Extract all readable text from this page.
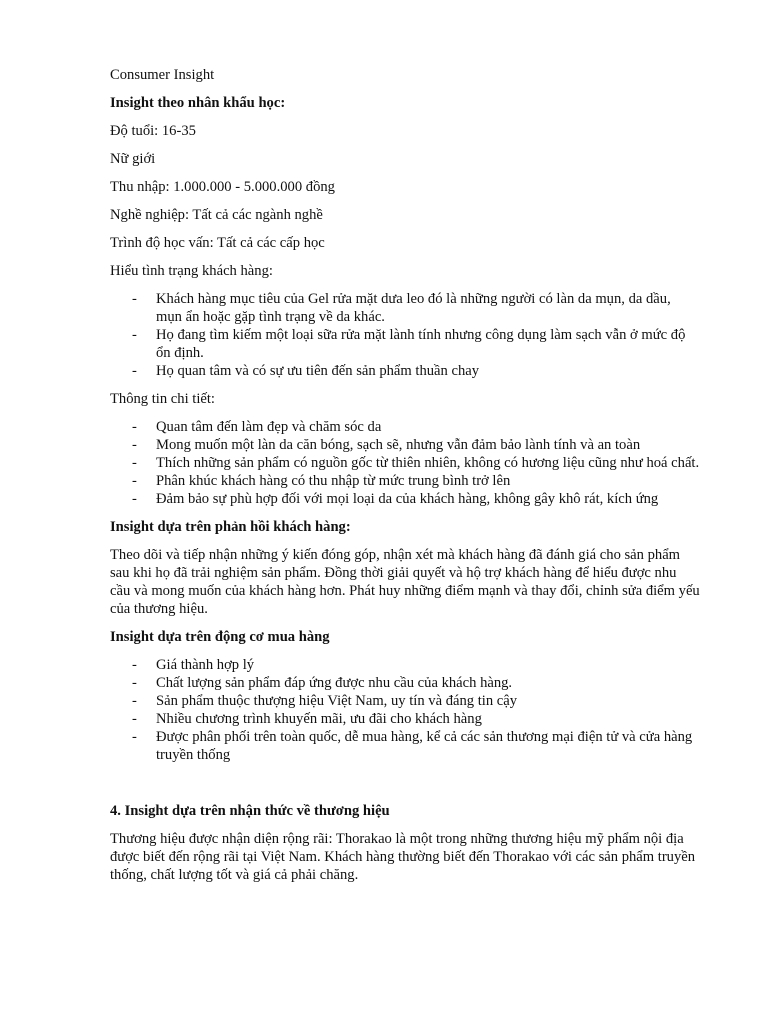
Consumer Insight

Insight theo nhân khẩu học:

Độ tuổi: 16-35

Nữ giới

Thu nhập: 1.000.000 - 5.000.000 đồng

Nghề nghiệp: Tất cả các ngành nghề

Trình độ học vấn: Tất cả các cấp học

Hiểu tình trạng khách hàng:

- Khách hàng mục tiêu của Gel rửa mặt dưa leo đó là những người có làn da mụn, da dầu, mụn ẩn hoặc gặp tình trạng về da khác.
- Họ đang tìm kiếm một loại sữa rửa mặt lành tính nhưng công dụng làm sạch vẫn ở mức độ ổn định.
- Họ quan tâm và có sự ưu tiên đến sản phẩm thuần chay

Thông tin chi tiết:

- Quan tâm đến làm đẹp và chăm sóc da
- Mong muốn một làn da căn bóng, sạch sẽ, nhưng vẫn đảm bảo lành tính và an toàn
- Thích những sản phẩm có nguồn gốc từ thiên nhiên, không có hương liệu cũng như hoá chất.
- Phân khúc khách hàng có thu nhập từ mức trung bình trở lên
- Đảm bảo sự phù hợp đối với mọi loại da của khách hàng, không gây khô rát, kích ứng

Insight dựa trên phản hồi khách hàng:

Theo dõi và tiếp nhận những ý kiến đóng góp, nhận xét mà khách hàng đã đánh giá cho sản phẩm sau khi họ đã trải nghiệm sản phẩm. Đồng thời giải quyết và hộ trợ khách hàng để hiểu được nhu cầu và mong muốn của khách hàng hơn. Phát huy những điểm mạnh và thay đổi, chỉnh sửa điểm yếu của thương hiệu.

Insight dựa trên động cơ mua hàng

- Giá thành hợp lý
- Chất lượng sản phẩm đáp ứng được nhu cầu của khách hàng.
- Sản phẩm thuộc thượng hiệu Việt Nam, uy tín và đáng tin cậy
- Nhiều chương trình khuyến mãi, ưu đãi cho khách hàng
- Được phân phối trên toàn quốc, dễ mua hàng, kể cả các sản thương mại điện tử và cửa hàng truyền thống

4. Insight dựa trên nhận thức về thương hiệu

Thương hiệu được nhận diện rộng rãi: Thorakao là một trong những thương hiệu mỹ phẩm nội địa được biết đến rộng rãi tại Việt Nam. Khách hàng thường biết đến Thorakao với các sản phẩm truyền thống, chất lượng tốt và giá cả phải chăng.
